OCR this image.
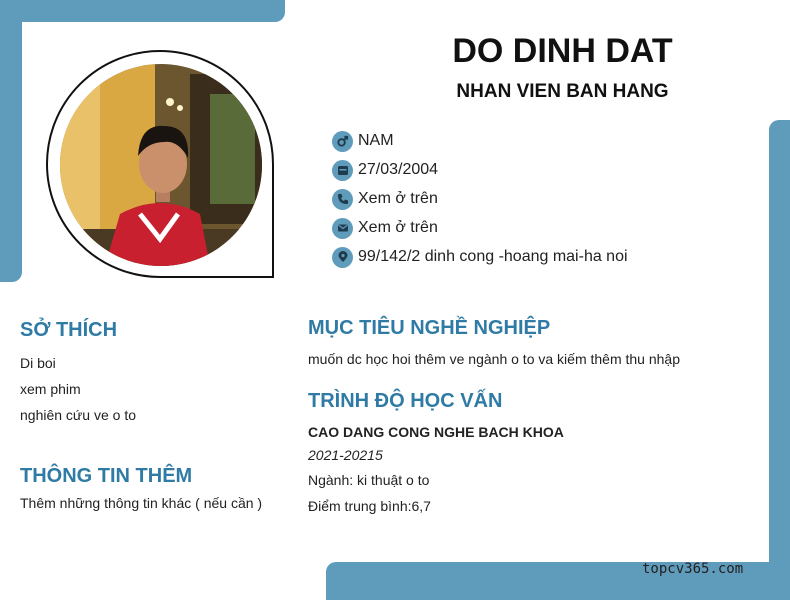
DO DINH DAT
NHAN VIEN BAN HANG
NAM
27/03/2004
Xem ở trên
Xem ở trên
99/142/2 dinh cong -hoang mai-ha noi
SỞ THÍCH
Di boi
xem phim
nghiên cứu ve o to
THÔNG TIN THÊM
Thêm những thông tin khác ( nếu cần )
MỤC TIÊU NGHỀ NGHIỆP
muốn dc học hoi thêm ve ngành o to va kiếm thêm thu nhập
TRÌNH ĐỘ HỌC VẤN
CAO DANG CONG NGHE BACH KHOA
2021-20215
Ngành: ki thuật o to
Điểm trung bình:6,7
topcv365.com
